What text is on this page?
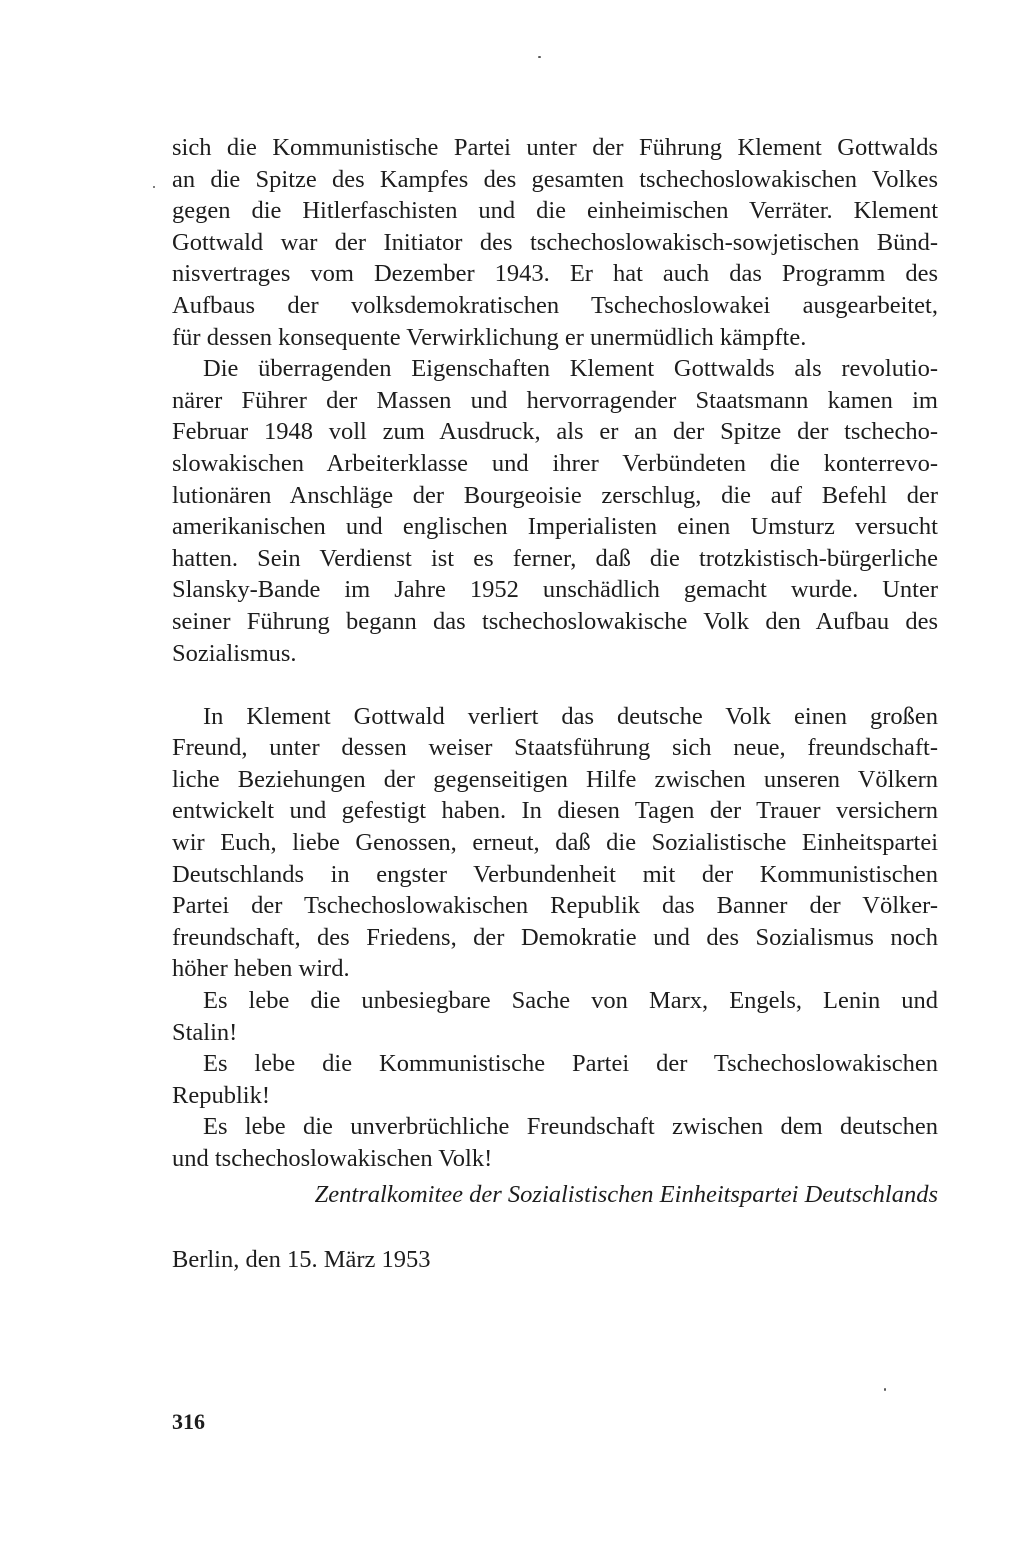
sich die Kommunistische Partei unter der Führung Klement Gottwalds
an die Spitze des Kampfes des gesamten tschechoslowakischen Volkes
gegen die Hitlerfaschisten und die einheimischen Verräter. Klement
Gottwald war der Initiator des tschechoslowakisch-sowjetischen Bünd-
nisvertrages vom Dezember 1943. Er hat auch das Programm des
Aufbaus der volksdemokratischen Tschechoslowakei ausgearbeitet,
für dessen konsequente Verwirklichung er unermüdlich kämpfte.
Die überragenden Eigenschaften Klement Gottwalds als revolutio-
närer Führer der Massen und hervorragender Staatsmann kamen im
Februar 1948 voll zum Ausdruck, als er an der Spitze der tschecho-
slowakischen Arbeiterklasse und ihrer Verbündeten die konterrevo-
lutionären Anschläge der Bourgeoisie zerschlug, die auf Befehl der
amerikanischen und englischen Imperialisten einen Umsturz versucht
hatten. Sein Verdienst ist es ferner, daß die trotzkistisch-bürgerliche
Slansky-Bande im Jahre 1952 unschädlich gemacht wurde. Unter
seiner Führung begann das tschechoslowakische Volk den Aufbau des
Sozialismus.
In Klement Gottwald verliert das deutsche Volk einen großen
Freund, unter dessen weiser Staatsführung sich neue, freundschaft-
liche Beziehungen der gegenseitigen Hilfe zwischen unseren Völkern
entwickelt und gefestigt haben. In diesen Tagen der Trauer versichern
wir Euch, liebe Genossen, erneut, daß die Sozialistische Einheitspartei
Deutschlands in engster Verbundenheit mit der Kommunistischen
Partei der Tschechoslowakischen Republik das Banner der Völker-
freundschaft, des Friedens, der Demokratie und des Sozialismus noch
höher heben wird.
Es lebe die unbesiegbare Sache von Marx, Engels, Lenin und
Stalin!
Es lebe die Kommunistische Partei der Tschechoslowakischen
Republik!
Es lebe die unverbrüchliche Freundschaft zwischen dem deutschen
und tschechoslowakischen Volk!
Zentralkomitee der Sozialistischen Einheitspartei Deutschlands
Berlin, den 15. März 1953
316
